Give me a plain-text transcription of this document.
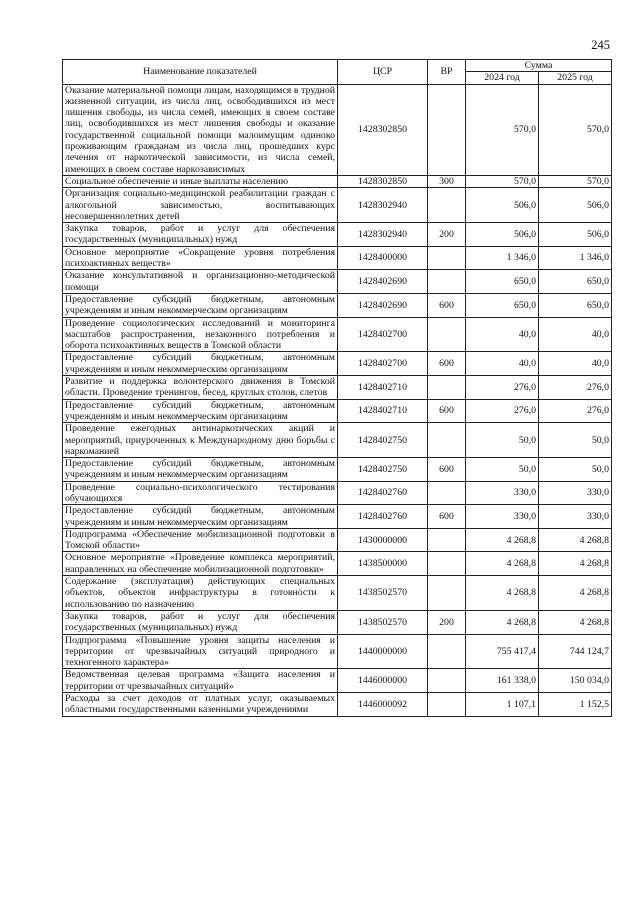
245
Наименование показателей	ЦСР	ВР	Сумма	
			2024 год	2025 год
Оказание материальной помощи лицам, находящимся в трудной жизненной ситуации, из числа лиц, освободившихся из мест лишения свободы, из числа семей, имеющих в своем составе лиц, освободившихся из мест лишения свободы и оказание государственной социальной помощи малоимущим одиноко проживающим гражданам из числа лиц, прошедших курс лечения от наркотической зависимости, из числа семей, имеющих в своем составе наркозависимых	1428302850		570,0	570,0
Социальное обеспечение и иные выплаты населению	1428302850	300	570,0	570,0
Организация социально-медицинской реабилитации граждан с алкогольной зависимостью, воспитывающих несовершеннолетних детей	1428302940		506,0	506,0
Закупка товаров, работ и услуг для обеспечения государственных (муниципальных) нужд	1428302940	200	506,0	506,0
Основное мероприятие «Сокращение уровня потребления психоактивных веществ»	1428400000		1 346,0	1 346,0
Оказание консультативной и организационно-методической помощи	1428402690		650,0	650,0
Предоставление субсидий бюджетным, автономным учреждениям и иным некоммерческим организациям	1428402690	600	650,0	650,0
Проведение социологических исследований и мониторинга масштабов распространения, незаконного потребления и оборота психоактивных веществ в Томской области	1428402700		40,0	40,0
Предоставление субсидий бюджетным, автономным учреждениям и иным некоммерческим организациям	1428402700	600	40,0	40,0
Развитие и поддержка волонтерского движения в Томской области. Проведение тренингов, бесед, круглых столов, слетов	1428402710		276,0	276,0
Предоставление субсидий бюджетным, автономным учреждениям и иным некоммерческим организациям	1428402710	600	276,0	276,0
Проведение ежегодных антинаркотических акций и мероприятий, приуроченных к Международному дню борьбы с наркоманией	1428402750		50,0	50,0
Предоставление субсидий бюджетным, автономным учреждениям и иным некоммерческим организациям	1428402750	600	50,0	50,0
Проведение социально-психологического тестирования обучающихся	1428402760		330,0	330,0
Предоставление субсидий бюджетным, автономным учреждениям и иным некоммерческим организациям	1428402760	600	330,0	330,0
Подпрограмма «Обеспечение мобилизационной подготовки в Томской области»	1430000000		4 268,8	4 268,8
Основное мероприятие «Проведение комплекса мероприятий, направленных на обеспечение мобилизационной подготовки»	1438500000		4 268,8	4 268,8
Содержание (эксплуатация) действующих специальных объектов, объектов инфраструктуры в готовности к использованию по назначению	1438502570		4 268,8	4 268,8
Закупка товаров, работ и услуг для обеспечения государственных (муниципальных) нужд	1438502570	200	4 268,8	4 268,8
Подпрограмма «Повышение уровня защиты населения и территории от чрезвычайных ситуаций природного и техногенного характера»	1440000000		755 417,4	744 124,7
Ведомственная целевая программа «Защита населения и территории от чрезвычайных ситуаций»	1446000000		161 338,0	150 034,0
Расходы за счет доходов от платных услуг, оказываемых областными государственными казенными учреждениями	1446000092		1 107,1	1 152,5
